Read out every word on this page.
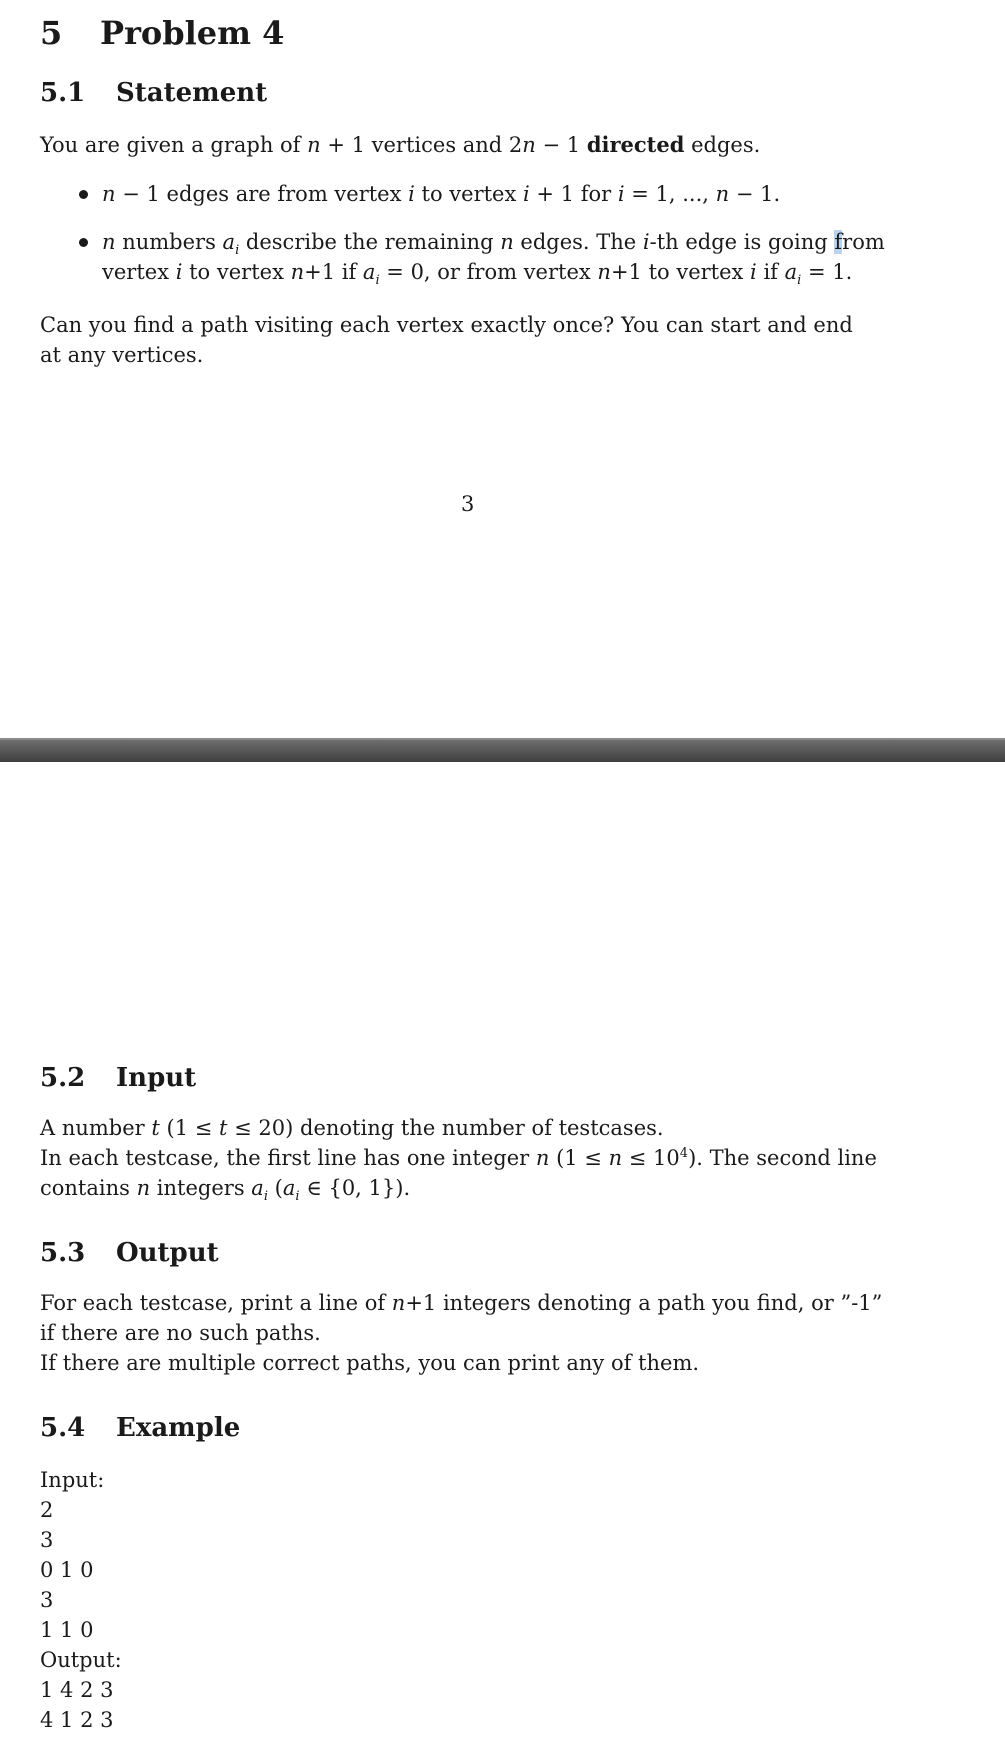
5 Problem 4
5.1 Statement
You are given a graph of n + 1 vertices and 2n − 1 directed edges.
n − 1 edges are from vertex i to vertex i + 1 for i = 1, ..., n − 1.
n numbers $a_i$ describe the remaining n edges. The i-th edge is going from
vertex i to vertex n+1 if $a_i = 0$, or from vertex n+1 to vertex i if $a_i = 1$.
Can you find a path visiting each vertex exactly once? You can start and end
at any vertices.
3
5.2 Input
A number t (1 ≤ t ≤ 20) denoting the number of testcases.
In each testcase, the first line has one integer n $(1 \le n \le 10^4)$. The second line
contains n integers $a_i$ ($a_i$ ∈ {0, 1}).
5.3 Output
For each testcase, print a line of n+1 integers denoting a path you find, or ”-1”
if there are no such paths.
If there are multiple correct paths, you can print any of them.
5.4 Example
Input:
2
3
0 1 0
3
1 1 0
Output:
1 4 2 3
4 1 2 3
